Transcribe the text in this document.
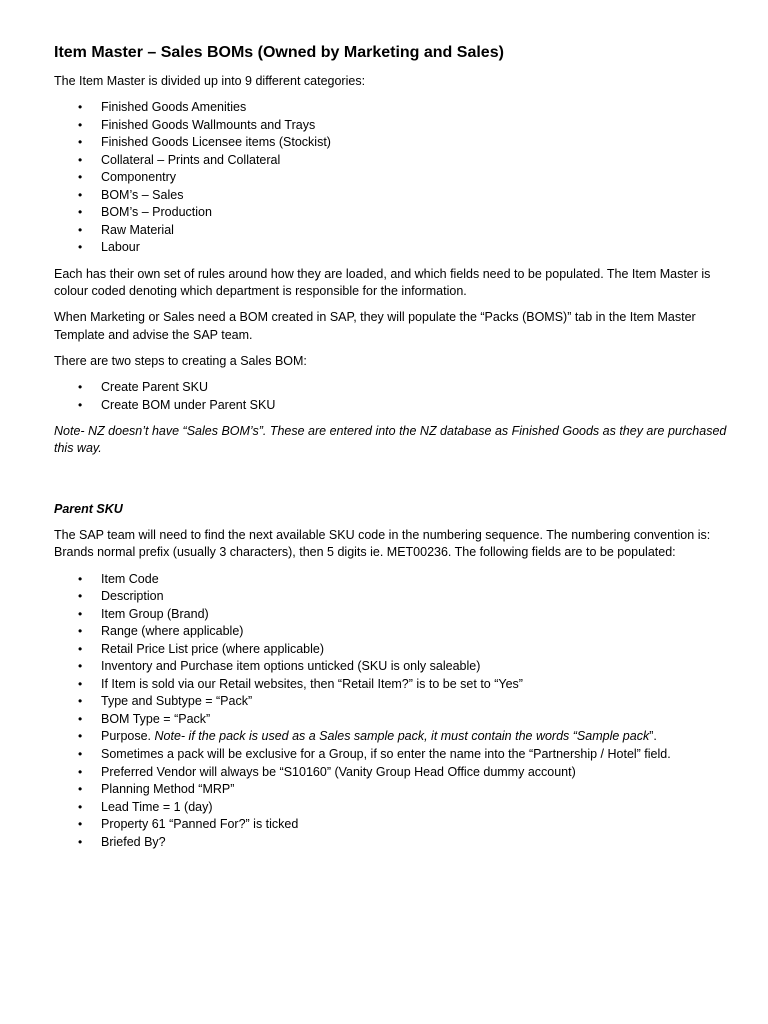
Item Master – Sales BOMs (Owned by Marketing and Sales)

The Item Master is divided up into 9 different categories:

• Finished Goods Amenities
• Finished Goods Wallmounts and Trays
• Finished Goods Licensee items (Stockist)
• Collateral – Prints and Collateral
• Componentry
• BOM’s – Sales
• BOM’s – Production
• Raw Material
• Labour

Each has their own set of rules around how they are loaded, and which fields need to be populated. The Item Master is colour coded denoting which department is responsible for the information.

When Marketing or Sales need a BOM created in SAP, they will populate the “Packs (BOMS)” tab in the Item Master Template and advise the SAP team.

There are two steps to creating a Sales BOM:

• Create Parent SKU
• Create BOM under Parent SKU

Note- NZ doesn’t have “Sales BOM’s”. These are entered into the NZ database as Finished Goods as they are purchased this way.

Parent SKU

The SAP team will need to find the next available SKU code in the numbering sequence. The numbering convention is: Brands normal prefix (usually 3 characters), then 5 digits ie. MET00236. The following fields are to be populated:

• Item Code
• Description
• Item Group (Brand)
• Range (where applicable)
• Retail Price List price (where applicable)
• Inventory and Purchase item options unticked (SKU is only saleable)
• If Item is sold via our Retail websites, then “Retail Item?” is to be set to “Yes”
• Type and Subtype = “Pack”
• BOM Type = “Pack”
• Purpose. Note- if the pack is used as a Sales sample pack, it must contain the words “Sample pack”.
• Sometimes a pack will be exclusive for a Group, if so enter the name into the “Partnership / Hotel” field.
• Preferred Vendor will always be “S10160” (Vanity Group Head Office dummy account)
• Planning Method “MRP”
• Lead Time = 1 (day)
• Property 61 “Panned For?” is ticked
• Briefed By?
